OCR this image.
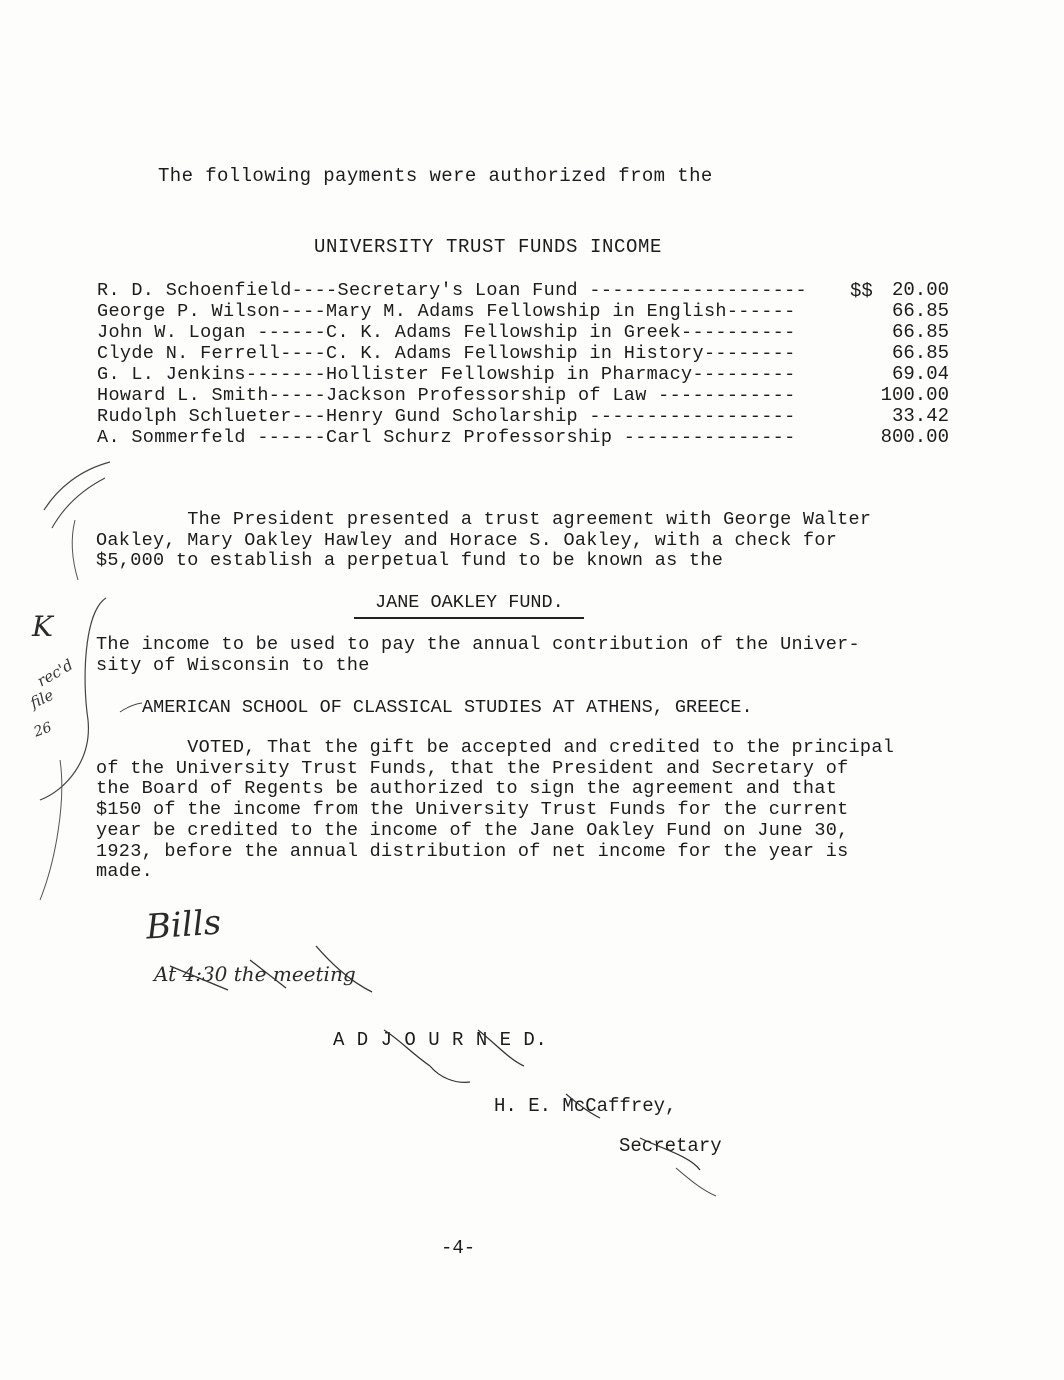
The following payments were authorized from the
UNIVERSITY TRUST FUNDS INCOME
$$
R. D. Schoenfield----Secretary's Loan Fund -------------------	20.00
George P. Wilson----Mary M. Adams Fellowship in English------	66.85
John W. Logan ------C. K. Adams Fellowship in Greek----------	66.85
Clyde N. Ferrell----C. K. Adams Fellowship in History--------	66.85
G. L. Jenkins-------Hollister Fellowship in Pharmacy---------	69.04
Howard L. Smith-----Jackson Professorship of Law ------------	100.00
Rudolph Schlueter---Henry Gund Scholarship ------------------	33.42
A. Sommerfeld ------Carl Schurz Professorship ---------------	800.00
The President presented a trust agreement with George Walter
Oakley, Mary Oakley Hawley and Horace S. Oakley, with a check for
$5,000 to establish a perpetual fund to be known as the
JANE OAKLEY FUND.
The income to be used to pay the annual contribution of the Univer-
sity of Wisconsin to the
AMERICAN SCHOOL OF CLASSICAL STUDIES AT ATHENS, GREECE.
VOTED, That the gift be accepted and credited to the principal
of the University Trust Funds, that the President and Secretary of
the Board of Regents be authorized to sign the agreement and that
$150 of the income from the University Trust Funds for the current
year be credited to the income of the Jane Oakley Fund on June 30,
1923, before the annual distribution of net income for the year is
made.
Bills
At 4:30 the meeting
A D J O U R N E D.
H. E. McCaffrey,
Secretary
-4-
K
rec'd
file
26
